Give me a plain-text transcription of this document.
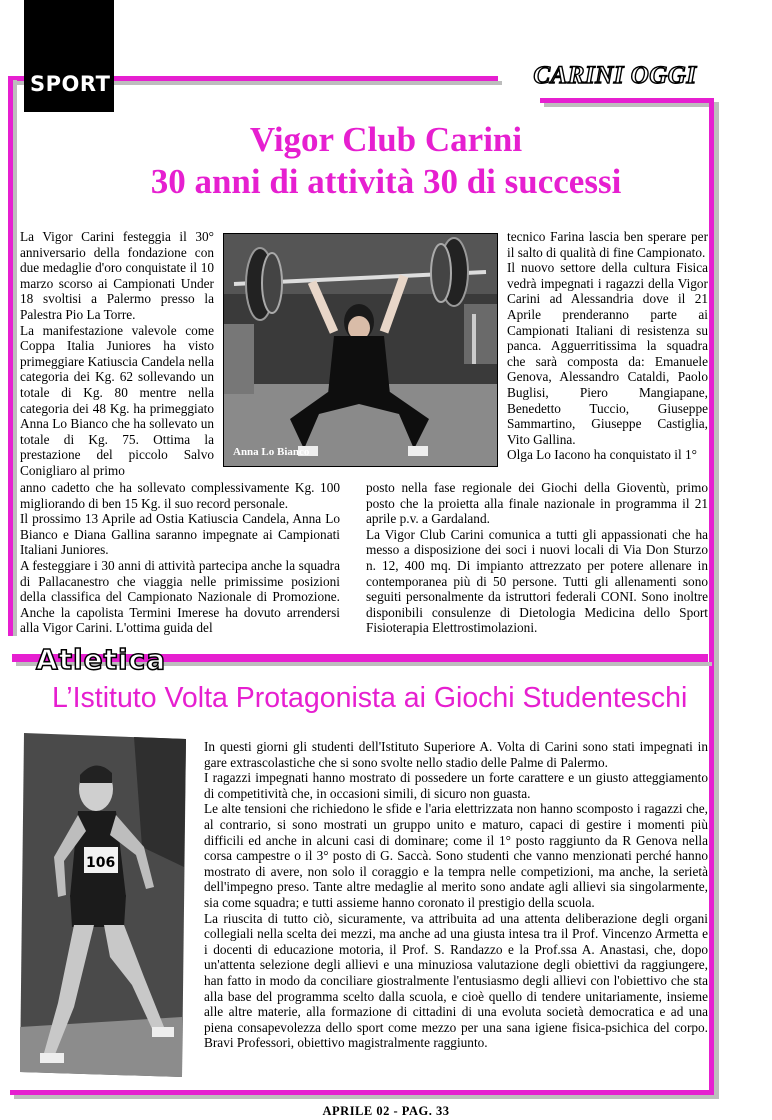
SPORT	CARINI OGGI
Vigor Club Carini
30 anni di attività 30 di successi

La Vigor Carini festeggia il 30° anniversario della fondazione con due medaglie d'oro conquistate il 10 marzo scorso ai Campionati Under 18 svoltisi a Palermo presso la Palestra Pio La Torre.

La manifestazione valevole come Coppa Italia Juniores ha visto primeggiare Katiuscia Candela nella categoria dei Kg. 62 sollevando un totale di Kg. 80 mentre nella categoria dei 48 Kg. ha primeggiato Anna Lo Bianco che ha sollevato un totale di Kg. 75. Ottima la prestazione del piccolo Salvo Conigliaro al primo

Anna Lo Bianco

tecnico Farina lascia ben sperare per il salto di qualità di fine Campionato.

Il nuovo settore della cultura Fisica vedrà impegnati i ragazzi della Vigor Carini ad Alessandria dove il 21 Aprile prenderanno parte ai Campionati Italiani di resistenza su panca. Agguerritissima la squadra che sarà composta da: Emanuele Genova, Alessandro Cataldi, Paolo Buglisi, Piero Mangiapane, Benedetto Tuccio, Giuseppe Sammartino, Giuseppe Castiglia, Vito Gallina.

Olga Lo Iacono ha conquistato il 1°

anno cadetto che ha sollevato complessivamente Kg. 100 migliorando di ben 15 Kg. il suo record personale.

Il prossimo 13 Aprile ad Ostia Katiuscia Candela, Anna Lo Bianco e Diana Gallina saranno impegnate ai Campionati Italiani Juniores.

A festeggiare i 30 anni di attività partecipa anche la squadra di Pallacanestro che viaggia nelle primissime posizioni della classifica del Campionato Nazionale di Promozione. Anche la capolista Termini Imerese ha dovuto arrendersi alla Vigor Carini. L'ottima guida del

posto nella fase regionale dei Giochi della Gioventù, primo posto che la proietta alla finale nazionale in programma il 21 aprile p.v. a Gardaland.

La Vigor Club Carini comunica a tutti gli appassionati che ha messo a disposizione dei soci i nuovi locali di Via Don Sturzo n. 12, 400 mq. Di impianto attrezzato per potere allenare in contemporanea più di 50 persone. Tutti gli allenamenti sono seguiti personalmente da istruttori federali CONI. Sono inoltre disponibili consulenze di Dietologia Medicina dello Sport Fisioterapia Elettrostimolazioni.

Atletica
L’Istituto Volta Protagonista ai Giochi Studenteschi
106

In questi giorni gli studenti dell'Istituto Superiore A. Volta di Carini sono stati impegnati in gare extrascolastiche che si sono svolte nello stadio delle Palme di Palermo.

I ragazzi impegnati hanno mostrato di possedere un forte carattere e un giusto atteggiamento di competitività che, in occasioni simili, di sicuro non guasta.

Le alte tensioni che richiedono le sfide e l'aria elettrizzata non hanno scomposto i ragazzi che, al contrario, si sono mostrati un gruppo unito e maturo, capaci di gestire i momenti più difficili ed anche in alcuni casi di dominare; come il 1° posto raggiunto da R Genova nella corsa campestre o il 3° posto di G. Saccà. Sono studenti che vanno menzionati perché hanno mostrato di avere, non solo il coraggio e la tempra nelle competizioni, ma anche, la serietà dell'impegno preso. Tante altre medaglie al merito sono andate agli allievi sia singolarmente, sia come squadra; e tutti assieme hanno coronato il prestigio della scuola.

La riuscita di tutto ciò, sicuramente, va attribuita ad una attenta deliberazione degli organi collegiali nella scelta dei mezzi, ma anche ad una giusta intesa tra il Prof. Vincenzo Armetta e i docenti di educazione motoria, il Prof. S. Randazzo e la Prof.ssa A. Anastasi, che, dopo un'attenta selezione degli allievi e una minuziosa valutazione degli obiettivi da raggiungere, han fatto in modo da conciliare giostralmente l'entusiasmo degli allievi con l'obiettivo che sta alla base del programma scelto dalla scuola, e cioè quello di tendere unitariamente, insieme alle altre materie, alla formazione di cittadini di una evoluta società democratica e ad una piena consapevolezza dello sport come mezzo per una sana igiene fisica-psichica del corpo. Bravi Professori, obiettivo magistralmente raggiunto.

APRILE 02 - PAG. 33
